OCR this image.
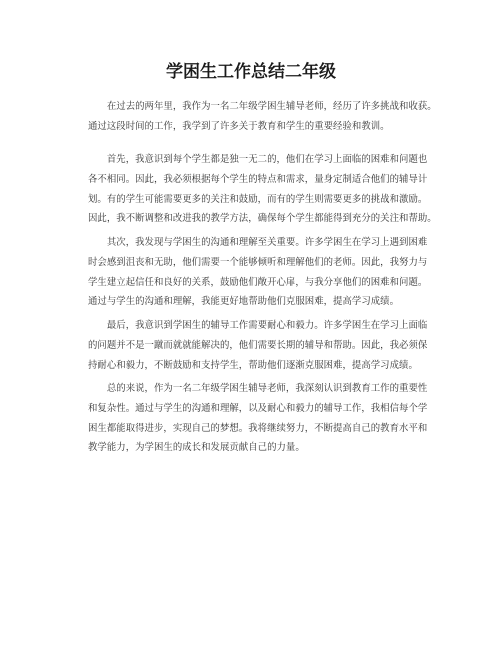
学困生工作总结二年级

　　在过去的两年里，我作为一名二年级学困生辅导老师，经历了许多挑战和收获。
通过这段时间的工作，我学到了许多关于教育和学生的重要经验和教训。

　　首先，我意识到每个学生都是独一无二的，他们在学习上面临的困难和问题也
各不相同。因此，我必须根据每个学生的特点和需求，量身定制适合他们的辅导计
划。有的学生可能需要更多的关注和鼓励，而有的学生则需要更多的挑战和激励。
因此，我不断调整和改进我的教学方法，确保每个学生都能得到充分的关注和帮助。

　　其次，我发现与学困生的沟通和理解至关重要。许多学困生在学习上遇到困难
时会感到沮丧和无助，他们需要一个能够倾听和理解他们的老师。因此，我努力与
学生建立起信任和良好的关系，鼓励他们敞开心扉，与我分享他们的困难和问题。
通过与学生的沟通和理解，我能更好地帮助他们克服困难，提高学习成绩。

　　最后，我意识到学困生的辅导工作需要耐心和毅力。许多学困生在学习上面临
的问题并不是一蹴而就就能解决的，他们需要长期的辅导和帮助。因此，我必须保
持耐心和毅力，不断鼓励和支持学生，帮助他们逐渐克服困难，提高学习成绩。

　　总的来说，作为一名二年级学困生辅导老师，我深刻认识到教育工作的重要性
和复杂性。通过与学生的沟通和理解，以及耐心和毅力的辅导工作，我相信每个学
困生都能取得进步，实现自己的梦想。我将继续努力，不断提高自己的教育水平和
教学能力，为学困生的成长和发展贡献自己的力量。
